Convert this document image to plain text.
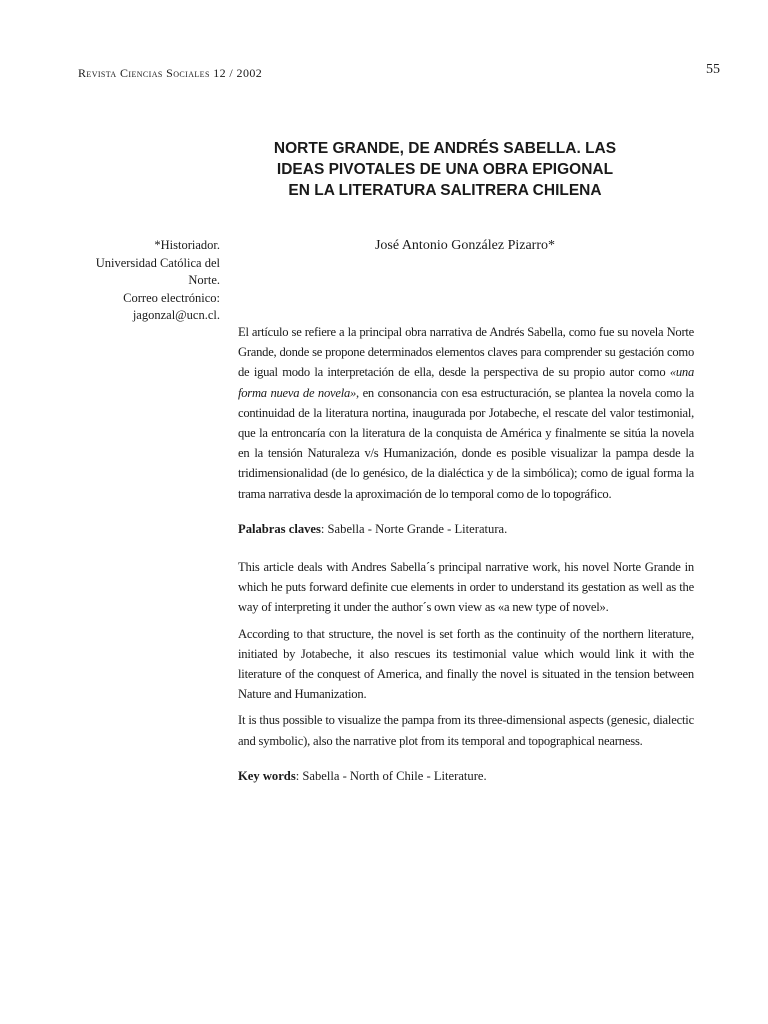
Revista Ciencias Sociales 12 / 2002	55
NORTE GRANDE, DE ANDRÉS SABELLA. LAS
IDEAS PIVOTALES DE UNA OBRA EPIGONAL
EN LA LITERATURA SALITRERA CHILENA
José Antonio González Pizarro*
*Historiador.
Universidad Católica del
Norte.
Correo electrónico:
jagonzal@ucn.cl.

El artículo se refiere a la principal obra narrativa de Andrés Sabella, como fue su novela Norte Grande, donde se propone determinados elementos claves para comprender su gestación como de igual modo la interpretación de ella, desde la perspectiva de su propio autor como «una forma nueva de novela», en consonancia con esa estructuración, se plantea la novela como la continuidad de la literatura nortina, inaugurada por Jotabeche, el rescate del valor testimonial, que la entroncaría con la literatura de la conquista de América y finalmente se sitúa la novela en la tensión Naturaleza v/s Humanización, donde es posible visualizar la pampa desde la tridimensionalidad (de lo genésico, de la dialéctica y de la simbólica); como de igual forma la trama narrativa desde la aproximación de lo temporal como de lo topográfico.

Palabras claves: Sabella - Norte Grande - Literatura.

This article deals with Andres Sabella´s principal narrative work, his novel Norte Grande in which he puts forward definite cue elements in order to understand its gestation as well as the way of interpreting it under the author´s own view as «a new type of novel».

According to that structure, the novel is set forth as the continuity of the northern literature, initiated by Jotabeche, it also rescues its testimonial value which would link it with the literature of the conquest of America, and finally the novel is situated in the tension between Nature and Humanization.

It is thus possible to visualize the pampa from its three-dimensional aspects (genesic, dialectic and symbolic), also the narrative plot from its temporal and topographical nearness.

Key words: Sabella - North of Chile - Literature.
